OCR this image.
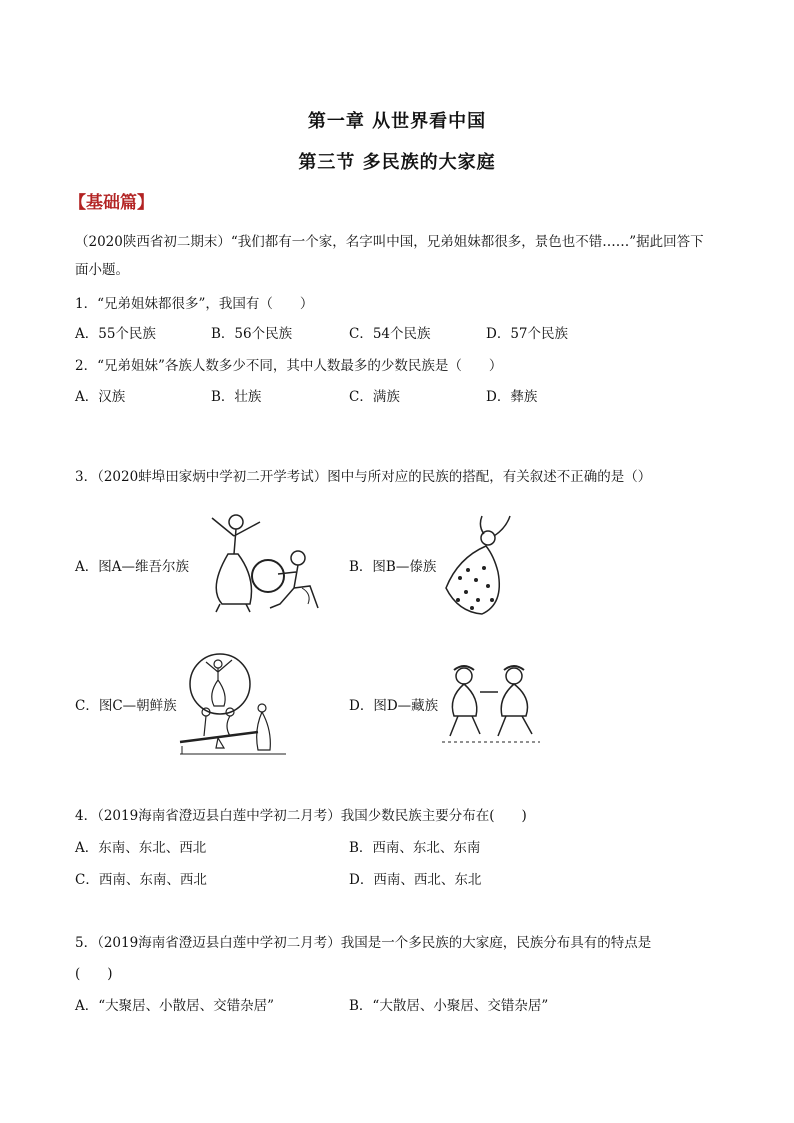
第一章 从世界看中国
第三节 多民族的大家庭
【基础篇】
（2020陕西省初二期末）“我们都有一个家，名字叫中国，兄弟姐妹都很多，景色也不错……”据此回答下
面小题。
1．“兄弟姐妹都很多”，我国有（　　）
A．55个民族	B．56个民族	C．54个民族	D．57个民族
2．“兄弟姐妹”各族人数多少不同，其中人数最多的少数民族是（　　）
A．汉族	B．壮族	C．满族	D．彝族
3．（2020蚌埠田家炳中学初二开学考试）图中与所对应的民族的搭配，有关叙述不正确的是（）
A．图A—维吾尔族	B．图B—傣族
C．图C—朝鲜族	D．图D—藏族
4．（2019海南省澄迈县白莲中学初二月考）我国少数民族主要分布在(　　)
A．东南、东北、西北	B．西南、东北、东南
C．西南、东南、西北	D．西南、西北、东北
5．（2019海南省澄迈县白莲中学初二月考）我国是一个多民族的大家庭，民族分布具有的特点是
(　　)
A．“大聚居、小散居、交错杂居”	B．“大散居、小聚居、交错杂居”
